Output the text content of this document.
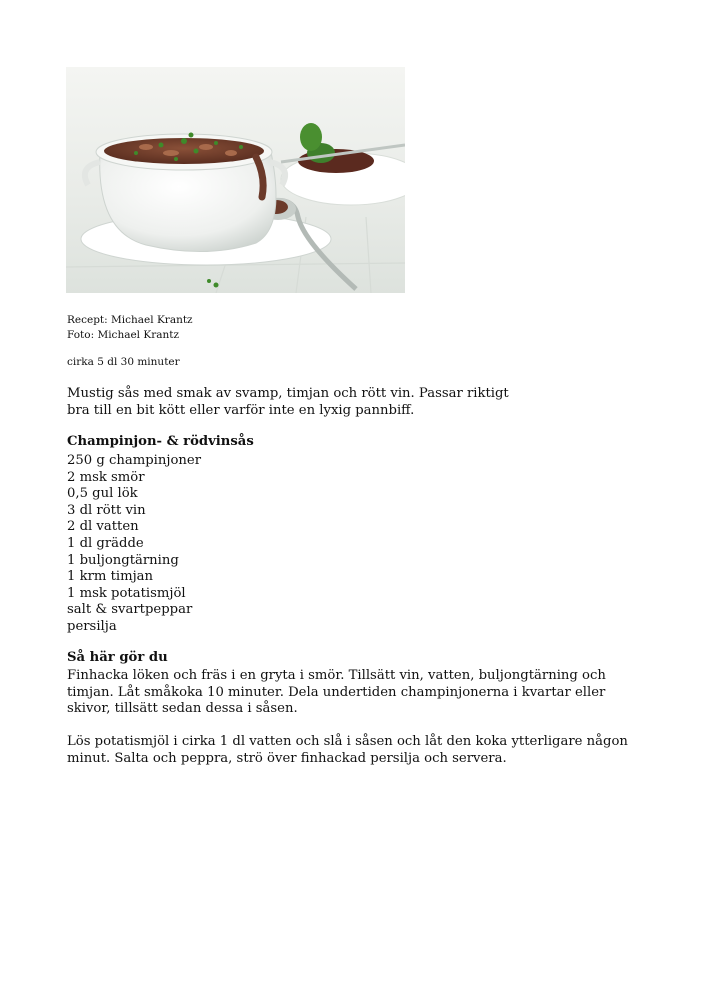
Recept: Michael Krantz
Foto: Michael Krantz
cirka 5 dl 30 minuter
Mustig sås med smak av svamp, timjan och rött vin. Passar riktigt
bra till en bit kött eller varför inte en lyxig pannbiff.
Champinjon- & rödvinsås
250 g champinjoner
2 msk smör
0,5 gul lök
3 dl rött vin
2 dl vatten
1 dl grädde
1 buljongtärning
1 krm timjan
1 msk potatismjöl
salt & svartpeppar
persilja
Så här gör du
Finhacka löken och fräs i en gryta i smör. Tillsätt vin, vatten, buljongtärning och
timjan. Låt småkoka 10 minuter. Dela undertiden champinjonerna i kvartar eller
skivor, tillsätt sedan dessa i såsen.
Lös potatismjöl i cirka 1 dl vatten och slå i såsen och låt den koka ytterligare någon
minut. Salta och peppra, strö över finhackad persilja och servera.
